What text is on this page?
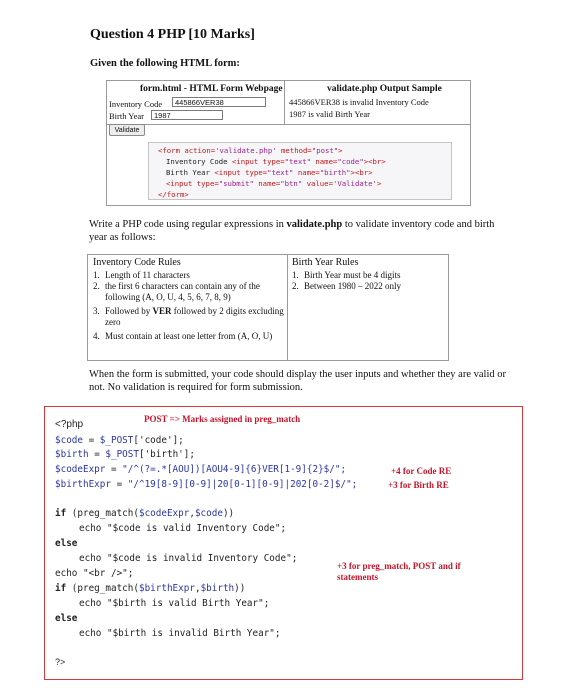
Question 4 PHP [10 Marks]
Given the following HTML form:
form.html - HTML Form Webpage	validate.php Output Sample
Inventory Code	445866VER38
Birth Year	1987
Validate
445866VER38 is invalid Inventory Code
1987 is valid Birth Year
<form action='validate.php' method="post">
Inventory Code <input type="text" name="code"><br>
Birth Year <input type="text" name="birth"><br>
<input type="submit" name="btn" value='Validate'>
</form>
Write a PHP code using regular expressions in validate.php to validate inventory code and birth year as follows:
Inventory Code Rules	Birth Year Rules
1. Length of 11 characters
2. the first 6 characters can contain any of the following (A, O, U, 4, 5, 6, 7, 8, 9)
3. Followed by VER followed by 2 digits excluding zero
4. Must contain at least one letter from (A, O, U)
1. Birth Year must be 4 digits
2. Between 1980 – 2022 only
When the form is submitted, your code should display the user inputs and whether they are valid or not. No validation is required for form submission.
<?php	POST => Marks assigned in preg_match
$code = $_POST['code'];
$birth = $_POST['birth'];
$codeExpr = "/^(?=.*[AOU])[AOU4-9]{6}VER[1-9]{2}$/";
$birthExpr = "/^19[8-9][0-9]|20[0-1][0-9]|202[0-2]$/";
+4 for Code RE
+3 for Birth RE
if (preg_match($codeExpr,$code))
echo "$code is valid Inventory Code";
else
echo "$code is invalid Inventory Code";
echo "<br />";
if (preg_match($birthExpr,$birth))
echo "$birth is valid Birth Year";
else
echo "$birth is invalid Birth Year";
?>
+3 for preg_match, POST and if statements
